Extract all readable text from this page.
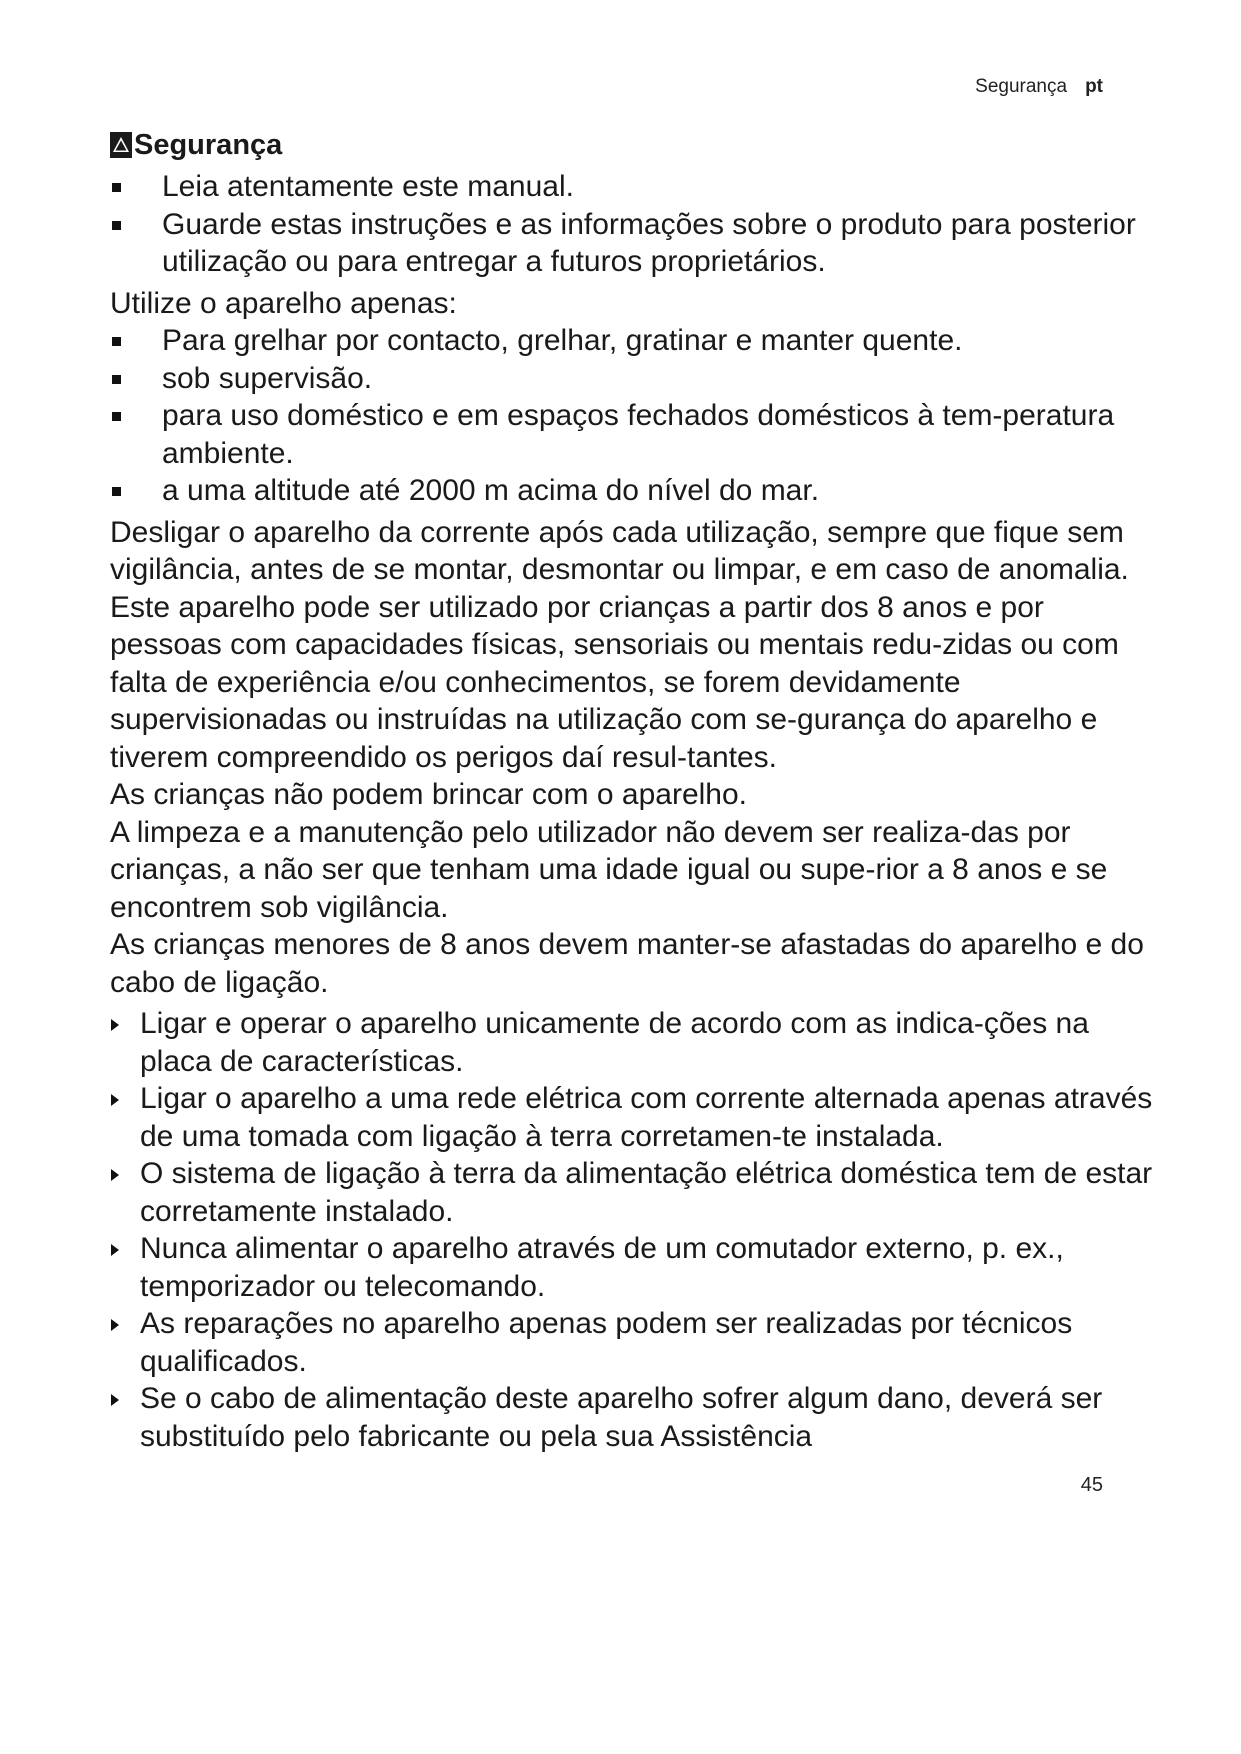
Segurança pt
Segurança
Leia atentamente este manual.
Guarde estas instruções e as informações sobre o produto para posterior utilização ou para entregar a futuros proprietários.

Utilize o aparelho apenas:

Para grelhar por contacto, grelhar, gratinar e manter quente.
sob supervisão.
para uso doméstico e em espaços fechados domésticos à tem-peratura ambiente.
a uma altitude até 2000 m acima do nível do mar.

Desligar o aparelho da corrente após cada utilização, sempre que fique sem vigilância, antes de se montar, desmontar ou limpar, e em caso de anomalia.

Este aparelho pode ser utilizado por crianças a partir dos 8 anos e por pessoas com capacidades físicas, sensoriais ou mentais redu-zidas ou com falta de experiência e/ou conhecimentos, se forem devidamente supervisionadas ou instruídas na utilização com se-gurança do aparelho e tiverem compreendido os perigos daí resul-tantes.

As crianças não podem brincar com o aparelho.

A limpeza e a manutenção pelo utilizador não devem ser realiza-das por crianças, a não ser que tenham uma idade igual ou supe-rior a 8 anos e se encontrem sob vigilância.

As crianças menores de 8 anos devem manter-se afastadas do aparelho e do cabo de ligação.

Ligar e operar o aparelho unicamente de acordo com as indica-ções na placa de características.
Ligar o aparelho a uma rede elétrica com corrente alternada apenas através de uma tomada com ligação à terra corretamen-te instalada.
O sistema de ligação à terra da alimentação elétrica doméstica tem de estar corretamente instalado.
Nunca alimentar o aparelho através de um comutador externo, p. ex., temporizador ou telecomando.
As reparações no aparelho apenas podem ser realizadas por técnicos qualificados.
Se o cabo de alimentação deste aparelho sofrer algum dano, deverá ser substituído pelo fabricante ou pela sua Assistência
45
